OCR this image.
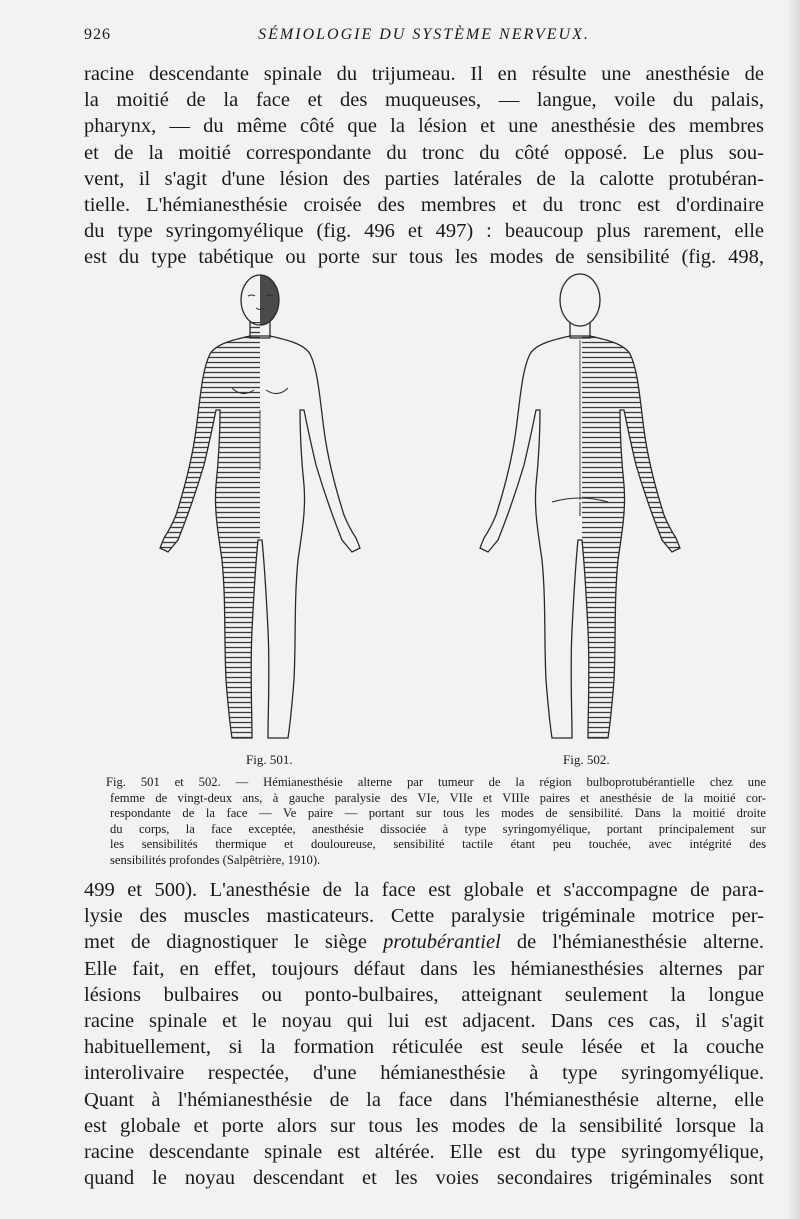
926	SÉMIOLOGIE DU SYSTÈME NERVEUX.
racine descendante spinale du trijumeau. Il en résulte une anesthésie de
la moitié de la face et des muqueuses, — langue, voile du palais,
pharynx, — du même côté que la lésion et une anesthésie des membres
et de la moitié correspondante du tronc du côté opposé. Le plus sou-
vent, il s'agit d'une lésion des parties latérales de la calotte protubéran-
tielle. L'hémianesthésie croisée des membres et du tronc est d'ordinaire
du type syringomyélique (fig. 496 et 497) : beaucoup plus rarement, elle
est du type tabétique ou porte sur tous les modes de sensibilité (fig. 498,
Fig. 501.	Fig. 502.
Fig. 501 et 502. — Hémianesthésie alterne par tumeur de la région bulboprotubérantielle chez une
femme de vingt-deux ans, à gauche paralysie des VIe, VIIe et VIIIe paires et anesthésie de la moitié cor-
respondante de la face — Ve paire — portant sur tous les modes de sensibilité. Dans la moitié droite
du corps, la face exceptée, anesthésie dissociée à type syringomyélique, portant principalement sur
les sensibilités thermique et douloureuse, sensibilité tactile étant peu touchée, avec intégrité des
sensibilités profondes (Salpêtrière, 1910).
499 et 500). L'anesthésie de la face est globale et s'accompagne de para-
lysie des muscles masticateurs. Cette paralysie trigéminale motrice per-
met de diagnostiquer le siège protubérantiel de l'hémianesthésie alterne.
Elle fait, en effet, toujours défaut dans les hémianesthésies alternes par
lésions bulbaires ou ponto-bulbaires, atteignant seulement la longue
racine spinale et le noyau qui lui est adjacent. Dans ces cas, il s'agit
habituellement, si la formation réticulée est seule lésée et la couche
interolivaire respectée, d'une hémianesthésie à type syringomyélique.
Quant à l'hémianesthésie de la face dans l'hémianesthésie alterne, elle
est globale et porte alors sur tous les modes de la sensibilité lorsque la
racine descendante spinale est altérée. Elle est du type syringomyélique,
quand le noyau descendant et les voies secondaires trigéminales sont
